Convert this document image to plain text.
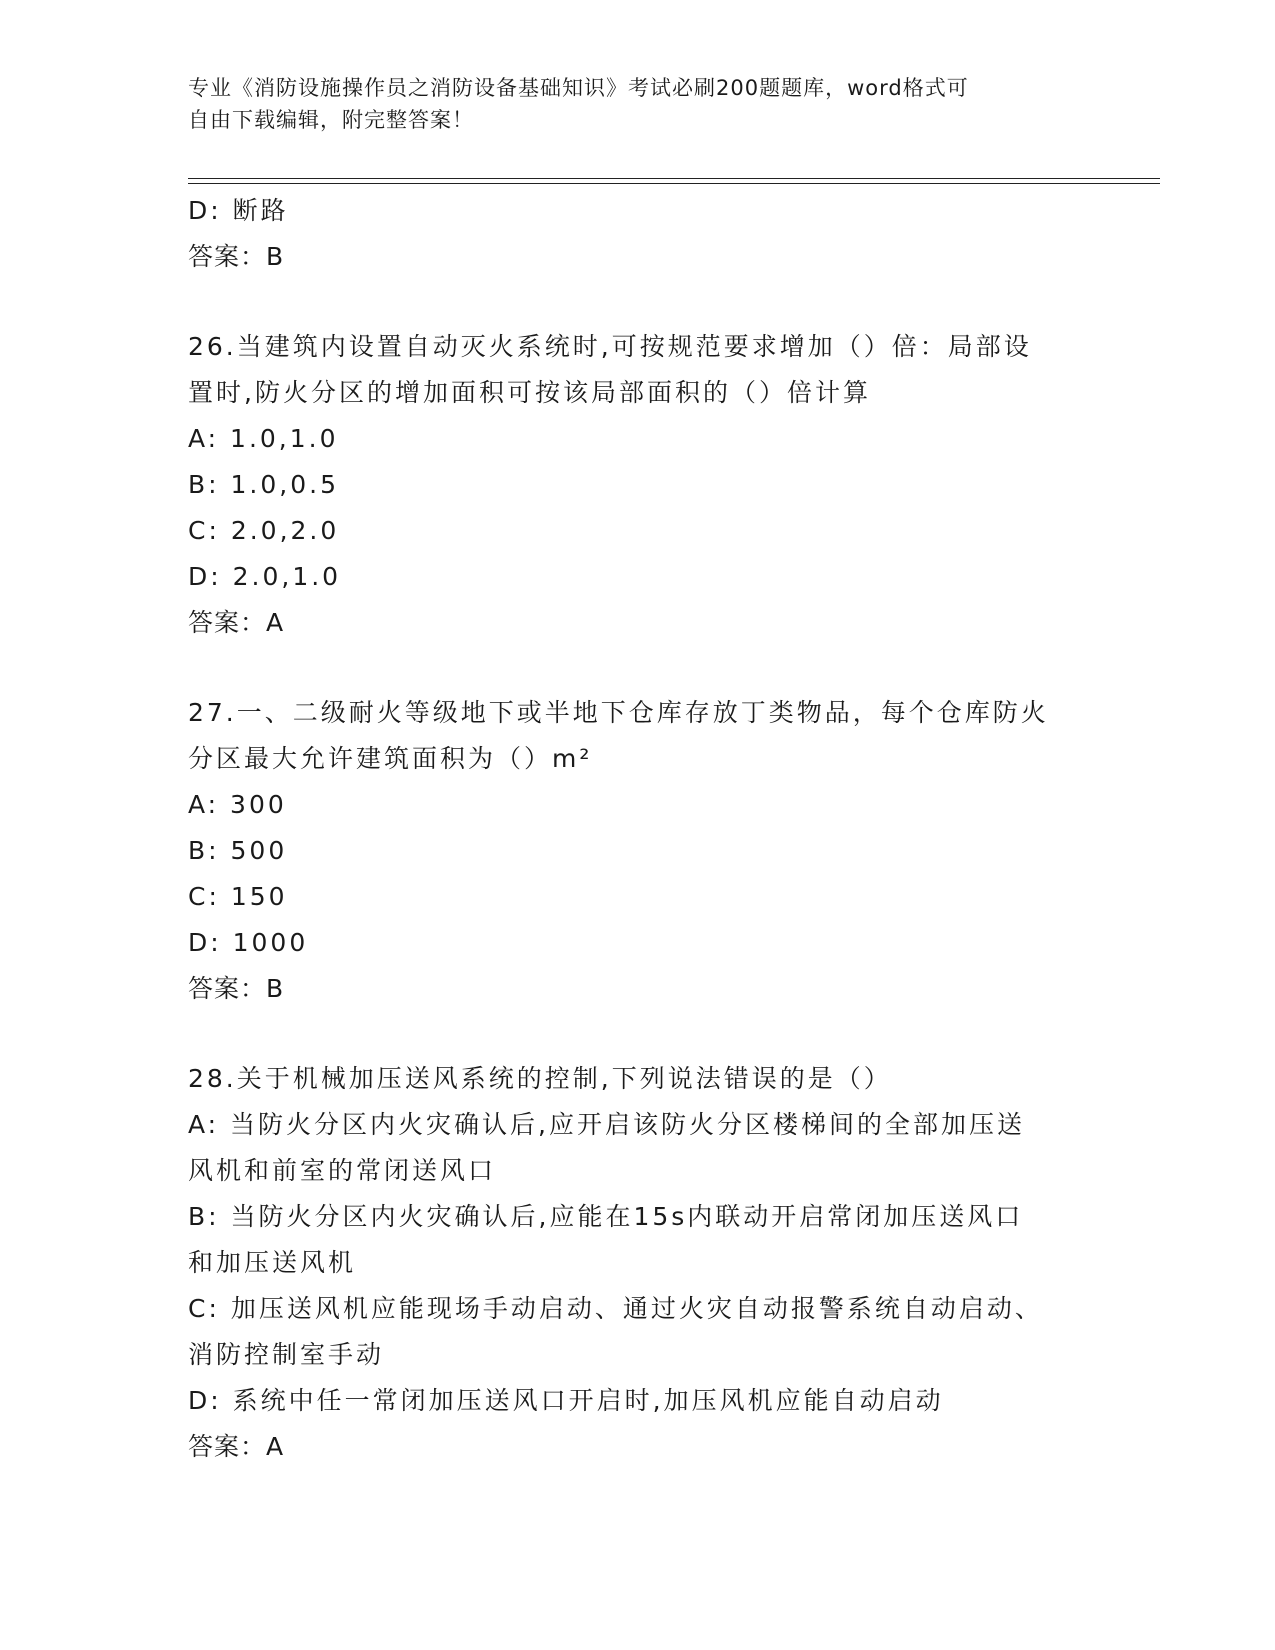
专业《消防设施操作员之消防设备基础知识》考试必刷200题题库，word格式可
自由下载编辑，附完整答案！
D: 断路
答案：B
26.当建筑内设置自动灭火系统时,可按规范要求增加（）倍：局部设
置时,防火分区的增加面积可按该局部面积的（）倍计算
A: 1.0,1.0
B: 1.0,0.5
C: 2.0,2.0
D: 2.0,1.0
答案：A
27.一、二级耐火等级地下或半地下仓库存放丁类物品，每个仓库防火
分区最大允许建筑面积为（）m²
A: 300
B: 500
C: 150
D: 1000
答案：B
28.关于机械加压送风系统的控制,下列说法错误的是（）
A: 当防火分区内火灾确认后,应开启该防火分区楼梯间的全部加压送
风机和前室的常闭送风口
B: 当防火分区内火灾确认后,应能在15s内联动开启常闭加压送风口
和加压送风机
C: 加压送风机应能现场手动启动、通过火灾自动报警系统自动启动、
消防控制室手动
D: 系统中任一常闭加压送风口开启时,加压风机应能自动启动
答案：A
